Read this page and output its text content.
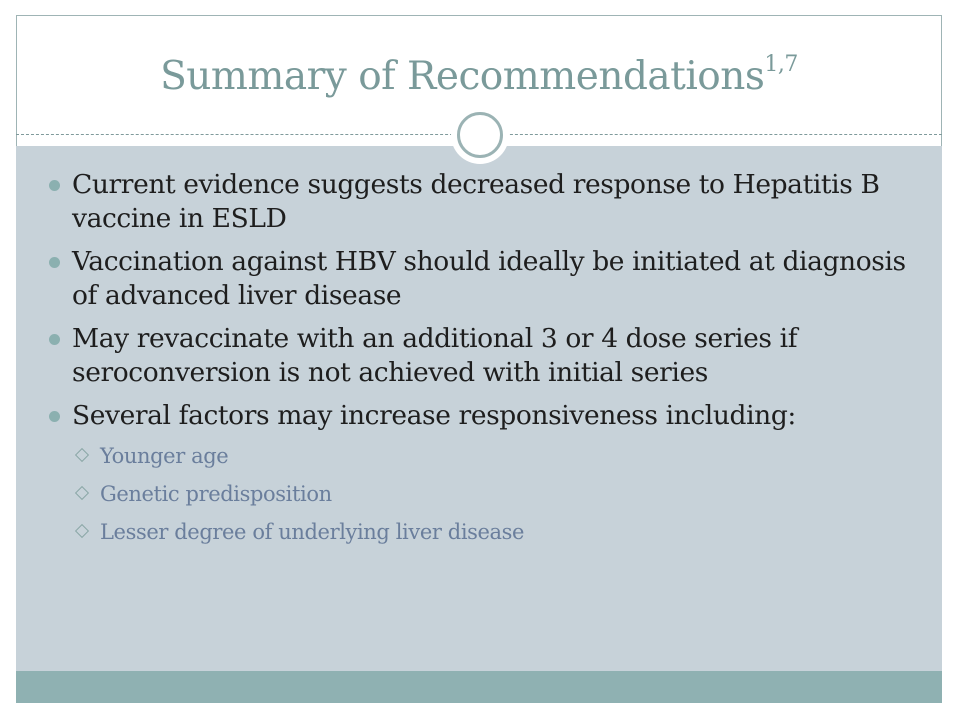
Summary of Recommendations$^{1,7}$
Current evidence suggests decreased response to Hepatitis B vaccine in ESLD
Vaccination against HBV should ideally be initiated at diagnosis of advanced liver disease
May revaccinate with an additional 3 or 4 dose series if seroconversion is not achieved with initial series
Several factors may increase responsiveness including:
Younger age
Genetic predisposition
Lesser degree of underlying liver disease
